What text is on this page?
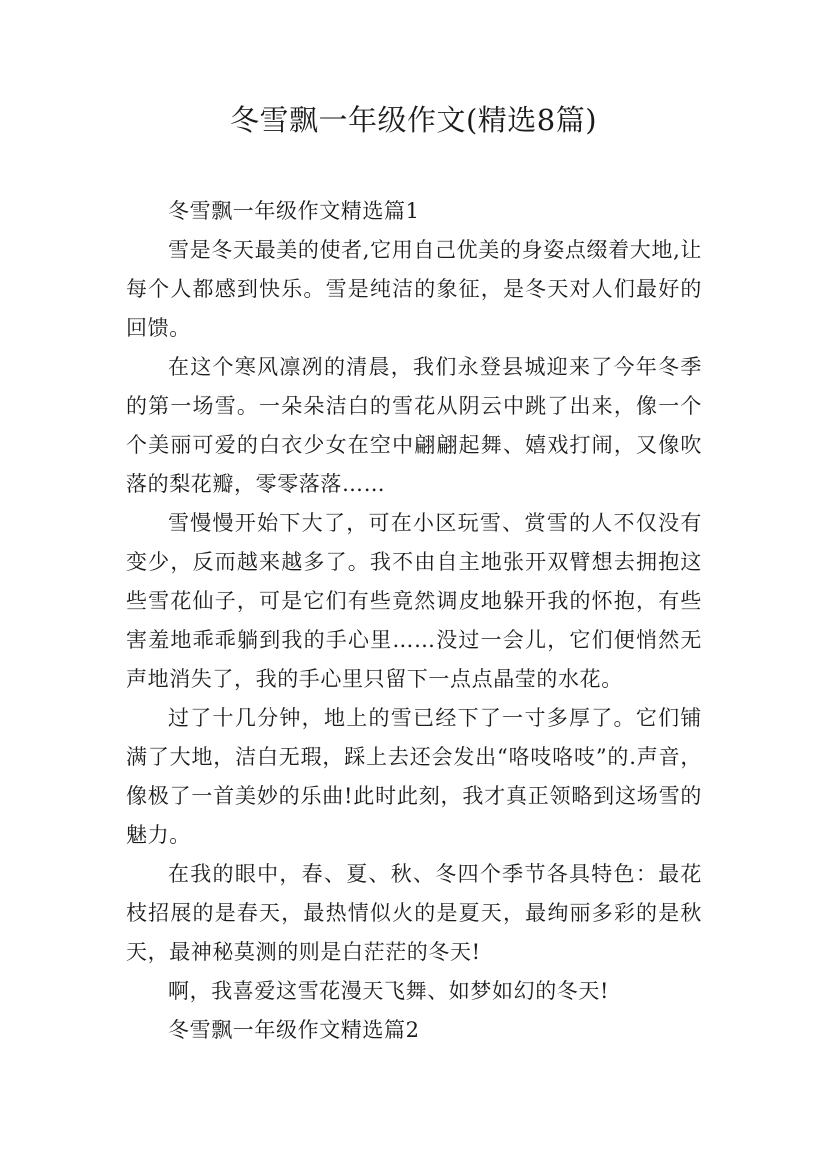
冬雪飘一年级作文(精选8篇)

冬雪飘一年级作文精选篇1

雪是冬天最美的使者,它用自己优美的身姿点缀着大地,让每个人都感到快乐。雪是纯洁的象征，是冬天对人们最好的回馈。

在这个寒风凛冽的清晨，我们永登县城迎来了今年冬季的第一场雪。一朵朵洁白的雪花从阴云中跳了出来，像一个个美丽可爱的白衣少女在空中翩翩起舞、嬉戏打闹，又像吹落的梨花瓣，零零落落……

雪慢慢开始下大了，可在小区玩雪、赏雪的人不仅没有变少，反而越来越多了。我不由自主地张开双臂想去拥抱这些雪花仙子，可是它们有些竟然调皮地躲开我的怀抱，有些害羞地乖乖躺到我的手心里……没过一会儿，它们便悄然无声地消失了，我的手心里只留下一点点晶莹的水花。

过了十几分钟，地上的雪已经下了一寸多厚了。它们铺满了大地，洁白无瑕，踩上去还会发出“咯吱咯吱”的.声音，像极了一首美妙的乐曲!此时此刻，我才真正领略到这场雪的魅力。

在我的眼中，春、夏、秋、冬四个季节各具特色：最花枝招展的是春天，最热情似火的是夏天，最绚丽多彩的是秋天，最神秘莫测的则是白茫茫的冬天!

啊，我喜爱这雪花漫天飞舞、如梦如幻的冬天!

冬雪飘一年级作文精选篇2
